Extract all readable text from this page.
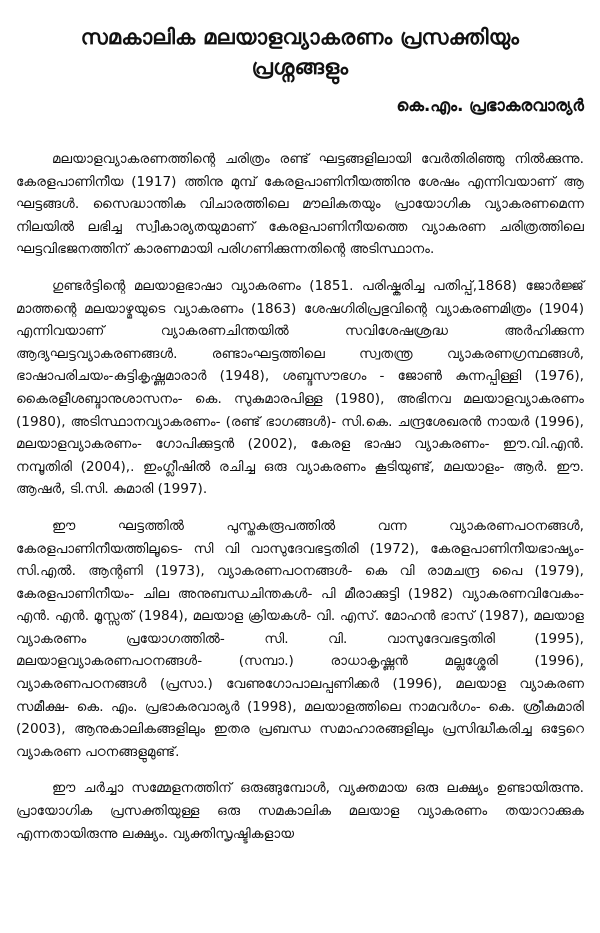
സമകാലിക മലയാളവ്യാകരണം പ്രസക്തിയും പ്രശ്നങ്ങളും
കെ.എം. പ്രഭാകരവാര്യർ

മലയാളവ്യാകരണത്തിന്റെ ചരിത്രം രണ്ട് ഘട്ടങ്ങളിലായി വേർതിരിഞ്ഞു നിൽക്കുന്നു. കേരളപാണിനീയ (1917) ത്തിനു മുമ്പ് കേരളപാണിനീയത്തിനു ശേഷം എന്നിവയാണ് ആ ഘട്ടങ്ങൾ. സൈദ്ധാന്തിക വിചാരത്തിലെ മൗലികതയും പ്രായോഗിക വ്യാകരണമെന്ന നിലയിൽ ലഭിച്ച സ്വീകാര്യതയുമാണ് കേരളപാണിനീയത്തെ വ്യാകരണ ചരിത്രത്തിലെ ഘട്ടവിഭജനത്തിന് കാരണമായി പരിഗണിക്കുന്നതിന്റെ അടിസ്ഥാനം.

ഗുണ്ടർട്ടിന്റെ മലയാളഭാഷാ വ്യാകരണം (1851. പരിഷ്കരിച്ച പതിപ്പ്,1868) ജോർജ്ജ് മാത്തന്റെ മലയാഴ്മയുടെ വ്യാകരണം (1863) ശേഷഗിരിപ്രഭുവിന്റെ വ്യാകരണമിത്രം (1904) എന്നിവയാണ് വ്യാകരണചിന്തയിൽ സവിശേഷശ്രദ്ധ അർഹിക്കുന്ന ആദ്യഘട്ടവ്യാകരണങ്ങൾ. രണ്ടാംഘട്ടത്തിലെ സ്വതന്ത്ര വ്യാകരണഗ്രന്ഥങ്ങൾ, ഭാഷാപരിചയം-കുട്ടികൃഷ്ണമാരാർ (1948), ശബ്ദസൗഭഗം - ജോൺ കുന്നപ്പിള്ളി (1976), കൈരളീശബ്ദാനുശാസനം- കെ. സുകുമാരപിള്ള (1980), അഭിനവ മലയാളവ്യാകരണം (1980), അടിസ്ഥാനവ്യാകരണം- (രണ്ട് ഭാഗങ്ങൾ)- സി.കെ. ചന്ദ്രശേഖരൻ നായർ (1996), മലയാളവ്യാകരണം- ഗോപിക്കുട്ടൻ (2002), കേരള ഭാഷാ വ്യാകരണം- ഈ.വി.എൻ. നമ്പൂതിരി (2004),. ഇംഗ്ലീഷിൽ രചിച്ച ഒരു വ്യാകരണം കൂടിയുണ്ട്, മലയാളം- ആർ. ഈ. ആഷർ, ടി.സി. കുമാരി (1997).

ഈ ഘട്ടത്തിൽ പുസ്തകരൂപത്തിൽ വന്ന വ്യാകരണപഠനങ്ങൾ, കേരളപാണിനീയത്തിലൂടെ- സി വി വാസുദേവഭട്ടതിരി (1972), കേരളപാണിനീയഭാഷ്യം- സി.എൽ. ആന്റണി (1973), വ്യാകരണപഠനങ്ങൾ- കെ വി രാമചന്ദ്ര പൈ (1979), കേരളപാണിനീയം- ചില അനുബന്ധചിന്തകൾ- പി മീരാക്കുട്ടി (1982) വ്യാകരണവിവേകം- എൻ. എൻ. മൂസ്സത് (1984), മലയാള ക്രിയകൾ- വി. എസ്. മോഹൻ ഭാസ് (1987), മലയാള വ്യാകരണം പ്രയോഗത്തിൽ- സി. വി. വാസുദേവഭട്ടതിരി (1995), മലയാളവ്യാകരണപഠനങ്ങൾ- (സമ്പാ.) രാധാകൃഷ്ണൻ മല്ലശ്ശേരി (1996), വ്യാകരണപഠനങ്ങൾ (പ്രസാ.) വേണുഗോപാലപ്പണിക്കർ (1996), മലയാള വ്യാകരണ സമീക്ഷ- കെ. എം. പ്രഭാകരവാര്യർ (1998), മലയാളത്തിലെ നാമവർഗം- കെ. ശ്രീകുമാരി (2003), ആനുകാലികങ്ങളിലും ഇതര പ്രബന്ധ സമാഹാരങ്ങളിലും പ്രസിദ്ധീകരിച്ച ഒട്ടേറെ വ്യാകരണ പഠനങ്ങളുമുണ്ട്.

ഈ ചർച്ചാ സമ്മേളനത്തിന് ഒരുങ്ങുമ്പോൾ, വ്യക്തമായ ഒരു ലക്ഷ്യം ഉണ്ടായിരുന്നു. പ്രായോഗിക പ്രസക്തിയുള്ള ഒരു സമകാലിക മലയാള വ്യാകരണം തയാറാക്കുക എന്നതായിരുന്നു ലക്ഷ്യം. വ്യക്തിസൃഷ്ടികളായ
